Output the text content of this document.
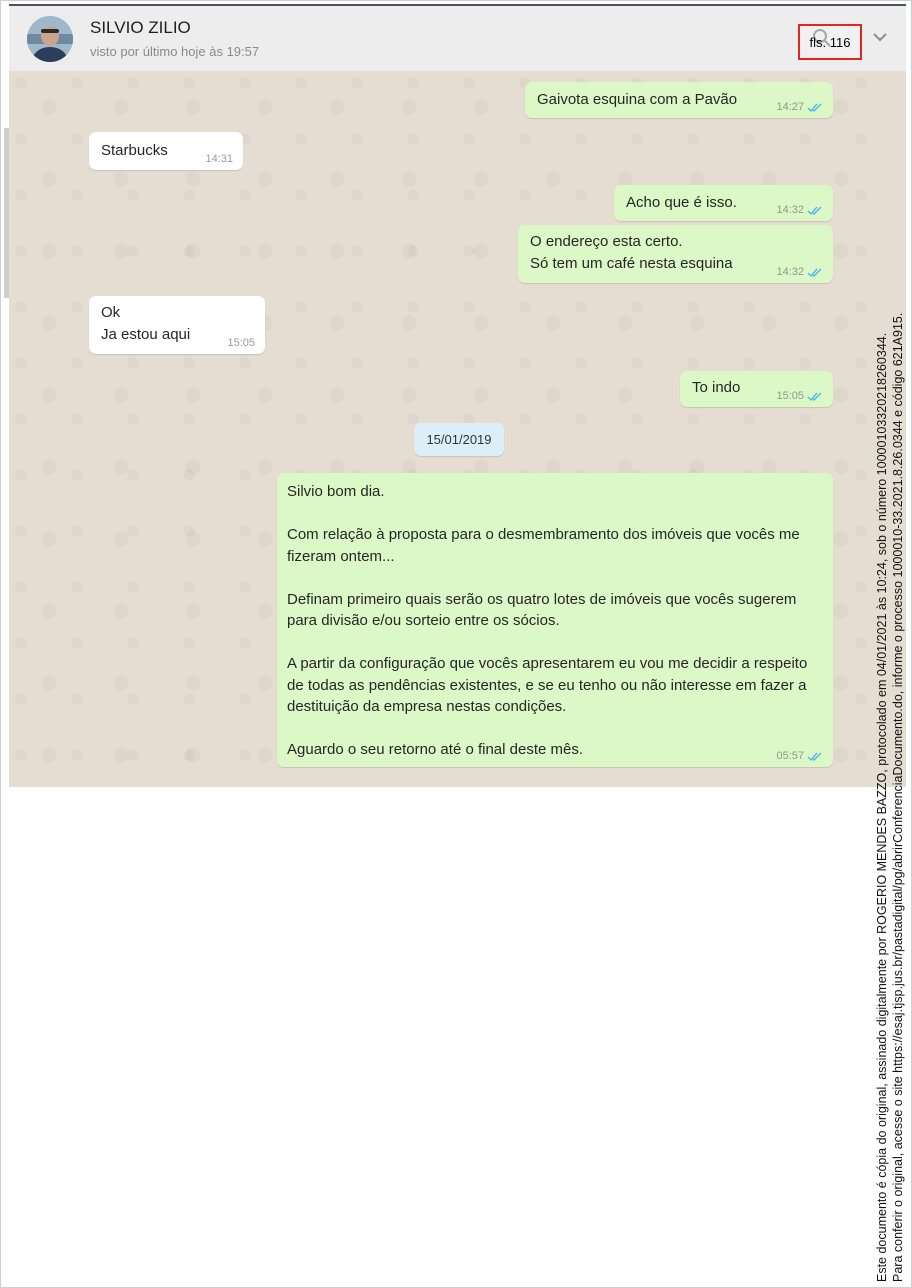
SILVIO ZILIO
visto por último hoje às 19:57
fls. 116
Gaivota esquina com a Pavão	14:27
Starbucks	14:31
Acho que é isso.	14:32
O endereço esta certo.
Só tem um café nesta esquina	14:32
Ok
Ja estou aqui	15:05
To indo	15:05
15/01/2019
Silvio bom dia.

Com relação à proposta para o desmembramento dos imóveis que vocês me fizeram ontem...

Definam primeiro quais serão os quatro lotes de imóveis que vocês sugerem para divisão e/ou sorteio entre os sócios.

A partir da configuração que vocês apresentarem eu vou me decidir a respeito de todas as pendências existentes, e se eu tenho ou não interesse em fazer a destituição da empresa nestas condições.

Aguardo o seu retorno até o final deste mês.	05:57	Este documento é cópia do original, assinado digitalmente por ROGERIO MENDES BAZZO, protocolado em 04/01/2021 às 10:24, sob o número 10000103320218260344. Para conferir o original, acesse o site https://esaj.tjsp.jus.br/pastadigital/pg/abrirConferenciaDocumento.do, informe o processo 1000010-33.2021.8.26.0344 e código 621A915.
